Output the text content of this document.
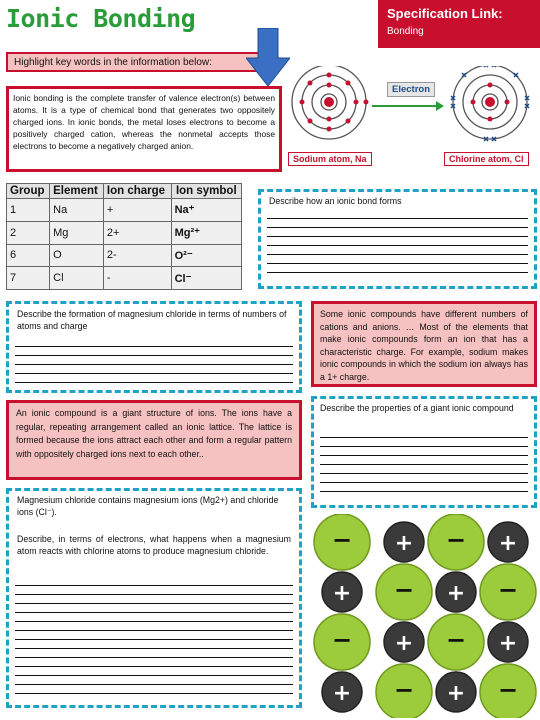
Ionic Bonding	Specification Link:
Bonding
Highlight key words in the information below:
Ionic bonding is the complete transfer of valence electron(s) between atoms. It is a type of chemical bond that generates two oppositely charged ions. In ionic bonds, the metal loses electrons to become a positively charged cation, whereas the nonmetal accepts those electrons to become a negatively charged anion.
Electron
Sodium atom, Na	Chlorine atom, Cl
Group	Element	Ion charge	Ion symbol
1	Na	+	Na⁺
2	Mg	2+	Mg²⁺
6	O	2-	O²⁻
7	Cl	-	Cl⁻
Describe how an ionic bond forms
Describe the formation of magnesium chloride in terms of numbers of atoms and charge
Some ionic compounds have different numbers of cations and anions. … Most of the elements that make ionic compounds form an ion that has a characteristic charge. For example, sodium makes ionic compounds in which the sodium ion always has a 1+ charge.
An ionic compound is a giant structure of ions. The ions have a regular, repeating arrangement called an ionic lattice. The lattice is formed because the ions attract each other and form a regular pattern with oppositely charged ions next to each other..
Describe the properties of a giant ionic compound
Magnesium chloride contains magnesium ions (Mg2+) and chloride ions (Cl⁻).
Describe, in terms of electrons, what happens when a magnesium atom reacts with chlorine atoms to produce magnesium chloride.	− + − +
+ − + −
− + − +
+ − + −
